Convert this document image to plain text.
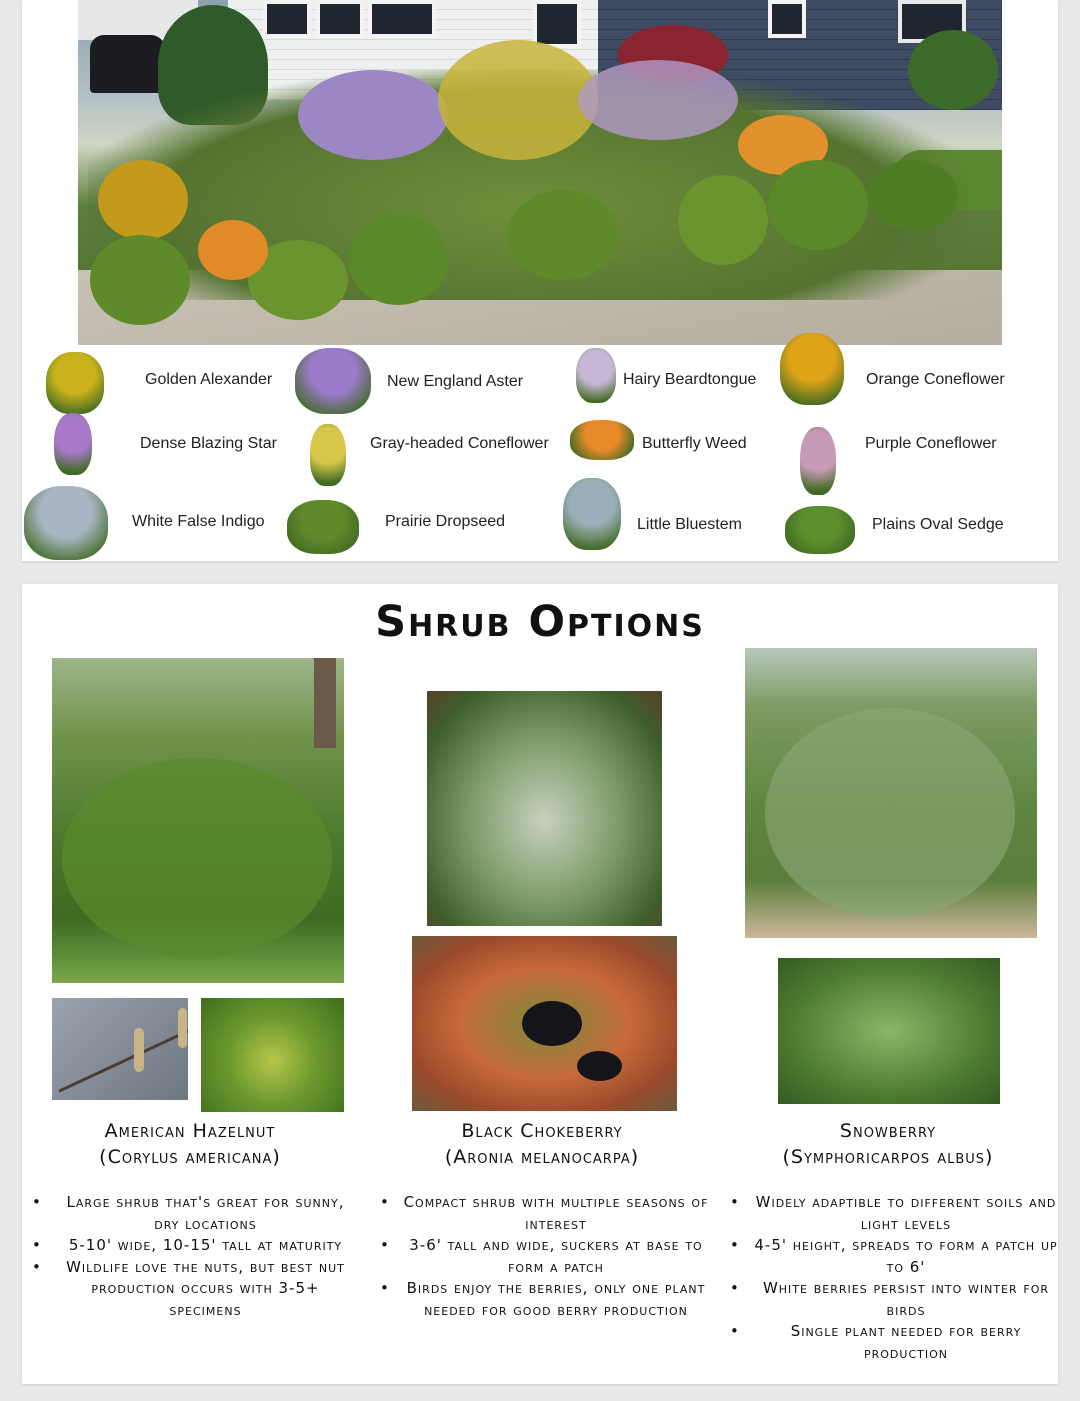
Golden Alexander	New England Aster	Hairy Beardtongue	Orange Coneflower
Dense Blazing Star	Gray-headed Coneflower	Butterfly Weed	Purple Coneflower
White False Indigo	Prairie Dropseed	Little Bluestem	Plains Oval Sedge
Shrub Options
American Hazelnut
(Corylus americana)
Black Chokeberry
(Aronia melanocarpa)
Snowberry
(Symphoricarpos albus)
• Large shrub that's great for sunny, dry locations
• 5-10' wide, 10-15' tall at maturity
• Wildlife love the nuts, but best nut production occurs with 3-5+ specimens
• Compact shrub with multiple seasons of interest
• 3-6' tall and wide, suckers at base to form a patch
• Birds enjoy the berries, only one plant needed for good berry production
• Widely adaptible to different soils and light levels
• 4-5' height, spreads to form a patch up to 6'
• White berries persist into winter for birds
• Single plant needed for berry production
